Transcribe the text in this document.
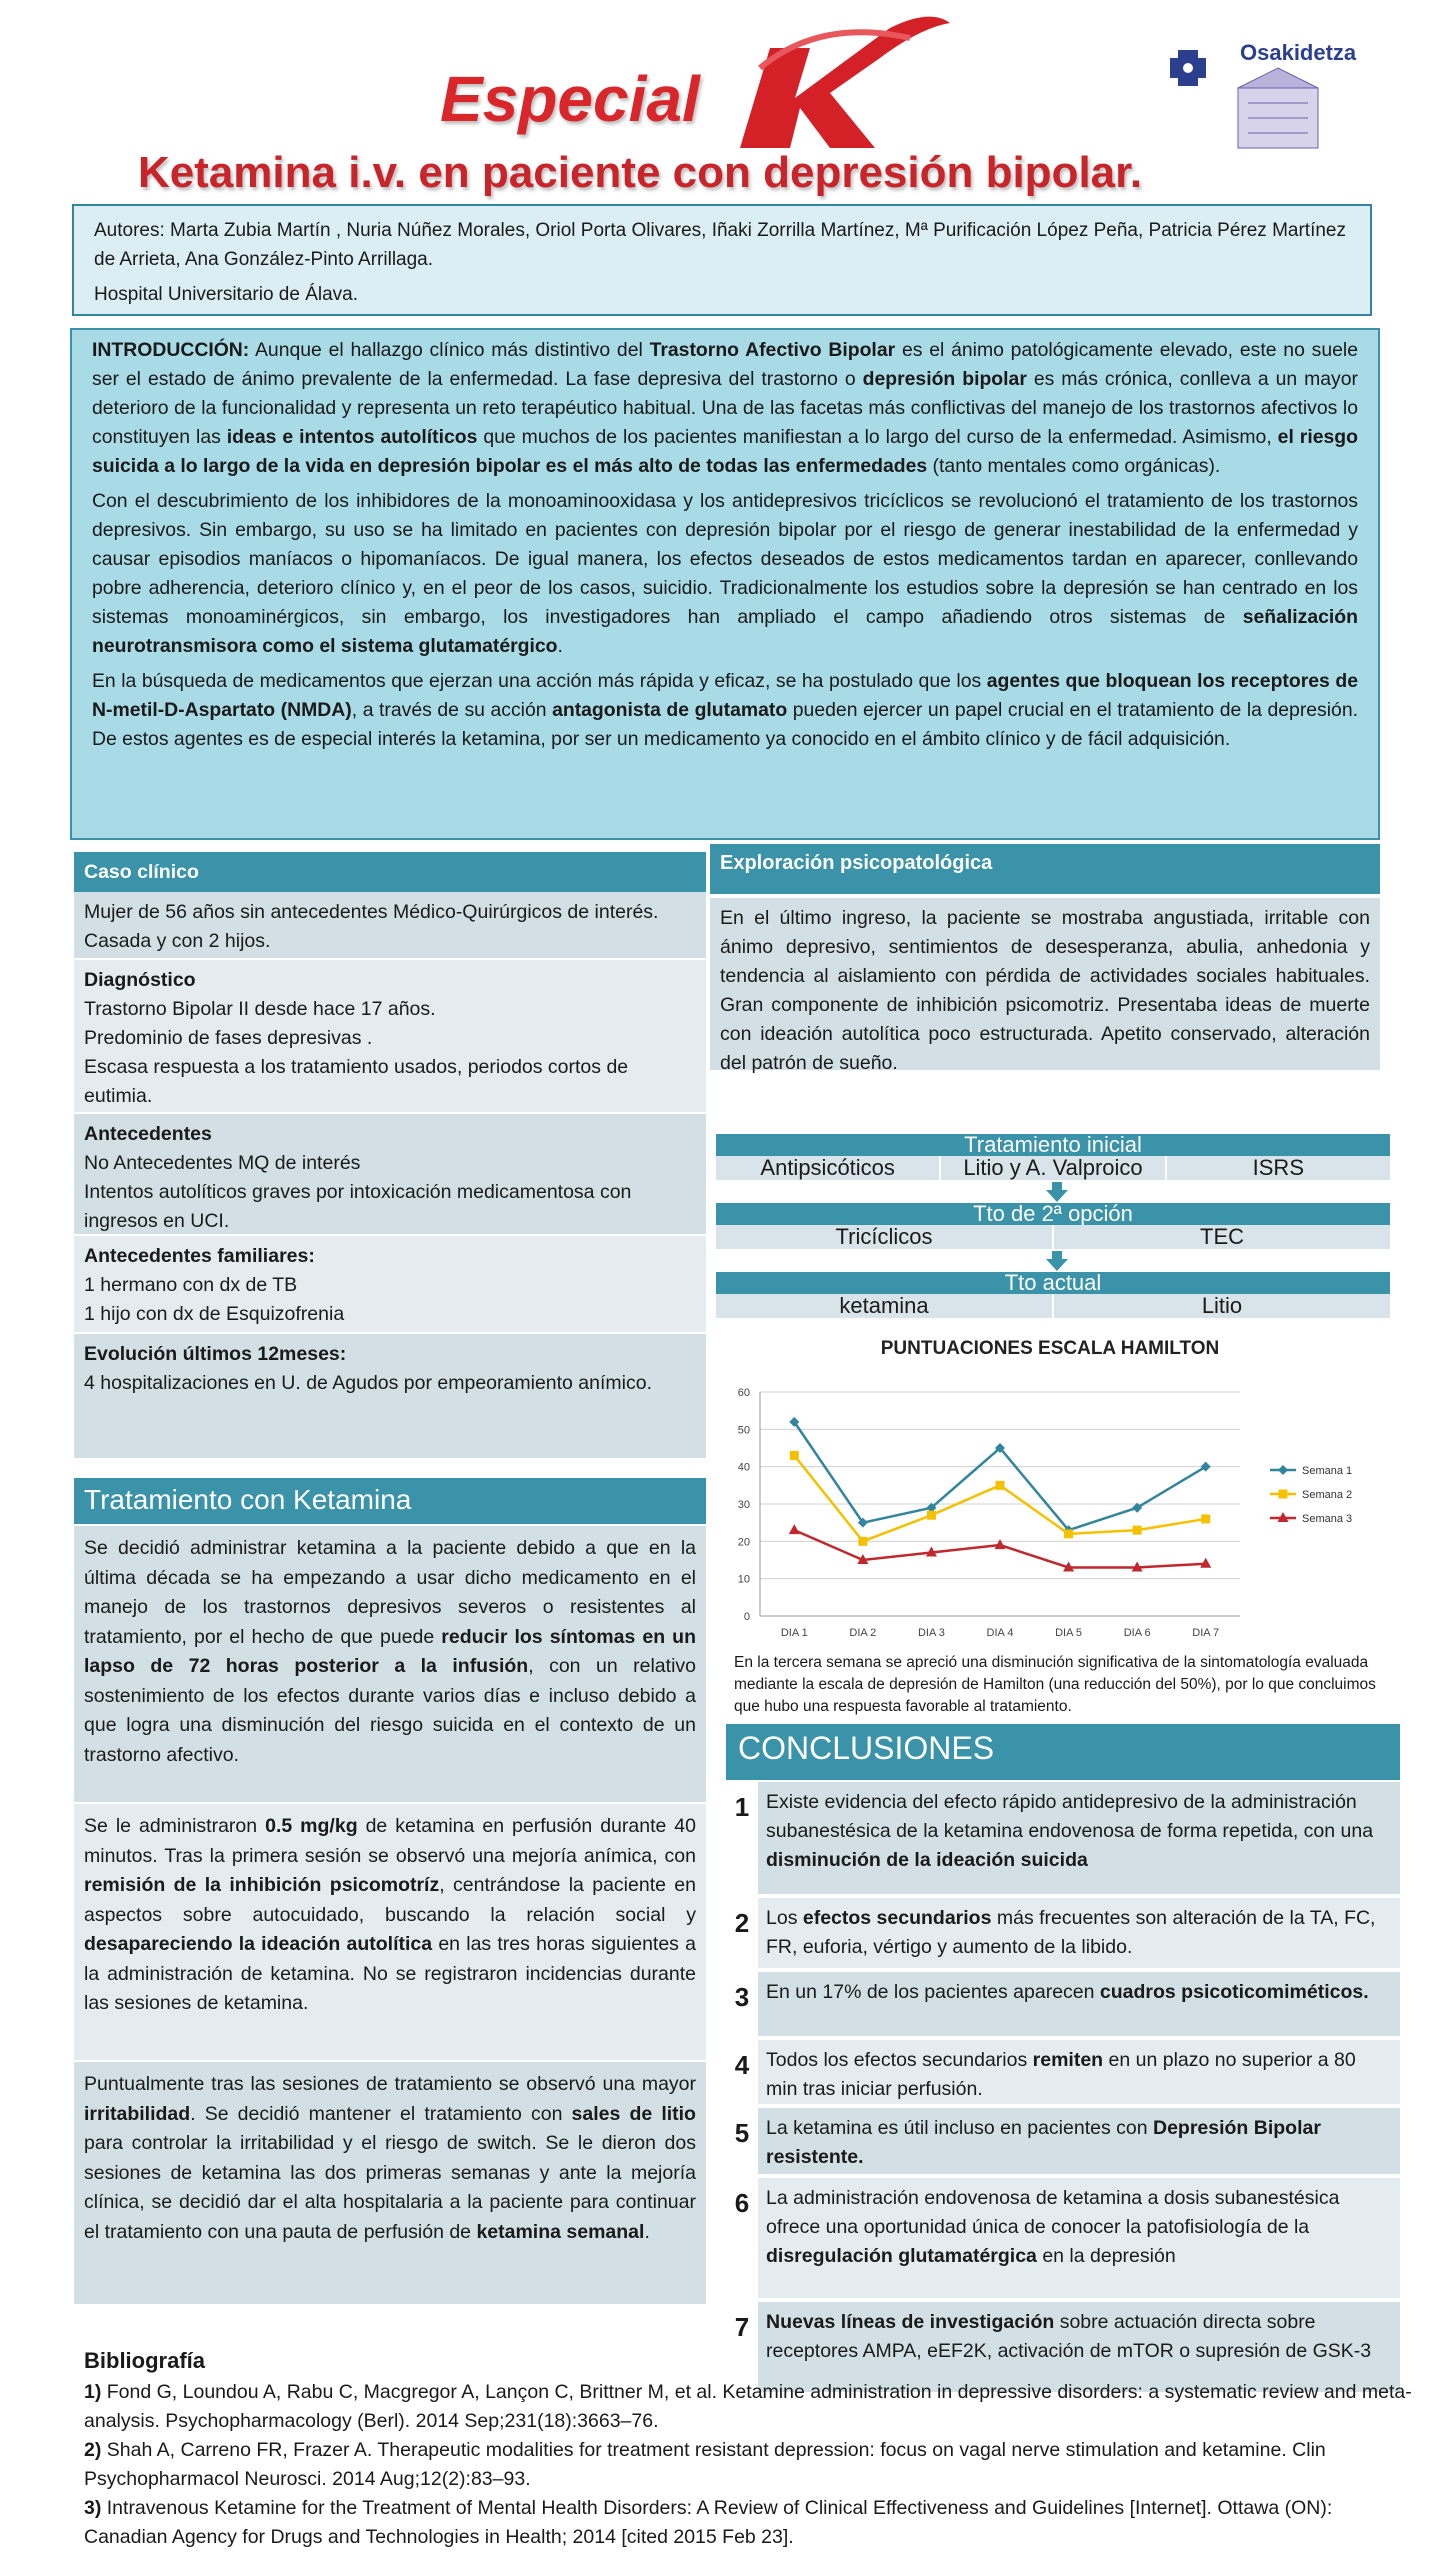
Especial
Ketamina i.v. en paciente con depresión bipolar.
Osakidetza
Autores: Marta Zubia Martín , Nuria Núñez Morales, Oriol Porta Olivares, Iñaki Zorrilla Martínez, Mª Purificación López Peña, Patricia Pérez Martínez de Arrieta, Ana González-Pinto Arrillaga.
Hospital Universitario de Álava.

INTRODUCCIÓN: Aunque el hallazgo clínico más distintivo del Trastorno Afectivo Bipolar es el ánimo patológicamente elevado, este no suele ser el estado de ánimo prevalente de la enfermedad. La fase depresiva del trastorno o depresión bipolar es más crónica, conlleva a un mayor deterioro de la funcionalidad y representa un reto terapéutico habitual. Una de las facetas más conflictivas del manejo de los trastornos afectivos lo constituyen las ideas e intentos autolíticos que muchos de los pacientes manifiestan a lo largo del curso de la enfermedad. Asimismo, el riesgo suicida a lo largo de la vida en depresión bipolar es el más alto de todas las enfermedades (tanto mentales como orgánicas).

Con el descubrimiento de los inhibidores de la monoaminooxidasa y los antidepresivos tricíclicos se revolucionó el tratamiento de los trastornos depresivos. Sin embargo, su uso se ha limitado en pacientes con depresión bipolar por el riesgo de generar inestabilidad de la enfermedad y causar episodios maníacos o hipomaníacos. De igual manera, los efectos deseados de estos medicamentos tardan en aparecer, conllevando pobre adherencia, deterioro clínico y, en el peor de los casos, suicidio. Tradicionalmente los estudios sobre la depresión se han centrado en los sistemas monoaminérgicos, sin embargo, los investigadores han ampliado el campo añadiendo otros sistemas de señalización neurotransmisora como el sistema glutamatérgico.

En la búsqueda de medicamentos que ejerzan una acción más rápida y eficaz, se ha postulado que los agentes que bloquean los receptores de N-metil-D-Aspartato (NMDA), a través de su acción antagonista de glutamato pueden ejercer un papel crucial en el tratamiento de la depresión. De estos agentes es de especial interés la ketamina, por ser un medicamento ya conocido en el ámbito clínico y de fácil adquisición.

Caso clínico
Mujer de 56 años sin antecedentes Médico-Quirúrgicos de interés. Casada y con 2 hijos.
Diagnóstico
Trastorno Bipolar II desde hace 17 años.
Predominio de fases depresivas .
Escasa respuesta a los tratamiento usados, periodos cortos de eutimia.
Antecedentes
No Antecedentes MQ de interés
Intentos autolíticos graves por intoxicación medicamentosa con ingresos en UCI.
Antecedentes familiares:
1 hermano con dx de TB
1 hijo con dx de Esquizofrenia
Evolución últimos 12meses:
4 hospitalizaciones en U. de Agudos por empeoramiento anímico.
Tratamiento con Ketamina
Se decidió administrar ketamina a la paciente debido a que en la última década se ha empezando a usar dicho medicamento en el manejo de los trastornos depresivos severos o resistentes al tratamiento, por el hecho de que puede reducir los síntomas en un lapso de 72 horas posterior a la infusión, con un relativo sostenimiento de los efectos durante varios días e incluso debido a que logra una disminución del riesgo suicida en el contexto de un trastorno afectivo.
Se le administraron 0.5 mg/kg de ketamina en perfusión durante 40 minutos. Tras la primera sesión se observó una mejoría anímica, con remisión de la inhibición psicomotríz, centrándose la paciente en aspectos sobre autocuidado, buscando la relación social y desapareciendo la ideación autolítica en las tres horas siguientes a la administración de ketamina. No se registraron incidencias durante las sesiones de ketamina.
Puntualmente tras las sesiones de tratamiento se observó una mayor irritabilidad. Se decidió mantener el tratamiento con sales de litio para controlar la irritabilidad y el riesgo de switch. Se le dieron dos sesiones de ketamina las dos primeras semanas y ante la mejoría clínica, se decidió dar el alta hospitalaria a la paciente para continuar el tratamiento con una pauta de perfusión de ketamina semanal.
Exploración psicopatológica
En el último ingreso, la paciente se mostraba angustiada, irritable con ánimo depresivo, sentimientos de desesperanza, abulia, anhedonia y tendencia al aislamiento con pérdida de actividades sociales habituales. Gran componente de inhibición psicomotriz. Presentaba ideas de muerte con ideación autolítica poco estructurada. Apetito conservado, alteración del patrón de sueño.
Tratamiento inicial
Antipsicóticos	Litio y A. Valproico	ISRS
Tto de 2ª opción
Tricíclicos	TEC
Tto actual
ketamina	Litio
PUNTUACIONES ESCALA HAMILTON
0
10
20
30
40
50
60
DIA 1	DIA 2	DIA 3	DIA 4	DIA 5	DIA 6	DIA 7
Semana 1
Semana 2
Semana 3
En la tercera semana se apreció una disminución significativa de la sintomatología evaluada mediante la escala de depresión de Hamilton (una reducción del 50%), por lo que concluimos que hubo una respuesta favorable al tratamiento.
CONCLUSIONES
1 Existe evidencia del efecto rápido antidepresivo de la administración subanestésica de la ketamina endovenosa de forma repetida, con una disminución de la ideación suicida
2 Los efectos secundarios más frecuentes son alteración de la TA, FC, FR, euforia, vértigo y aumento de la libido.
3 En un 17% de los pacientes aparecen cuadros psicoticomiméticos.
4 Todos los efectos secundarios remiten en un plazo no superior a 80 min tras iniciar perfusión.
5 La ketamina es útil incluso en pacientes con Depresión Bipolar resistente.
6 La administración endovenosa de ketamina a dosis subanestésica ofrece una oportunidad única de conocer la patofisiología de la disregulación glutamatérgica en la depresión
7 Nuevas líneas de investigación sobre actuación directa sobre receptores AMPA, eEF2K, activación de mTOR o supresión de GSK-3
Bibliografía

1) Fond G, Loundou A, Rabu C, Macgregor A, Lançon C, Brittner M, et al. Ketamine administration in depressive disorders: a systematic review and meta-analysis. Psychopharmacology (Berl). 2014 Sep;231(18):3663–76.

2) Shah A, Carreno FR, Frazer A. Therapeutic modalities for treatment resistant depression: focus on vagal nerve stimulation and ketamine. Clin Psychopharmacol Neurosci. 2014 Aug;12(2):83–93.

3) Intravenous Ketamine for the Treatment of Mental Health Disorders: A Review of Clinical Effectiveness and Guidelines [Internet]. Ottawa (ON): Canadian Agency for Drugs and Technologies in Health; 2014 [cited 2015 Feb 23].
